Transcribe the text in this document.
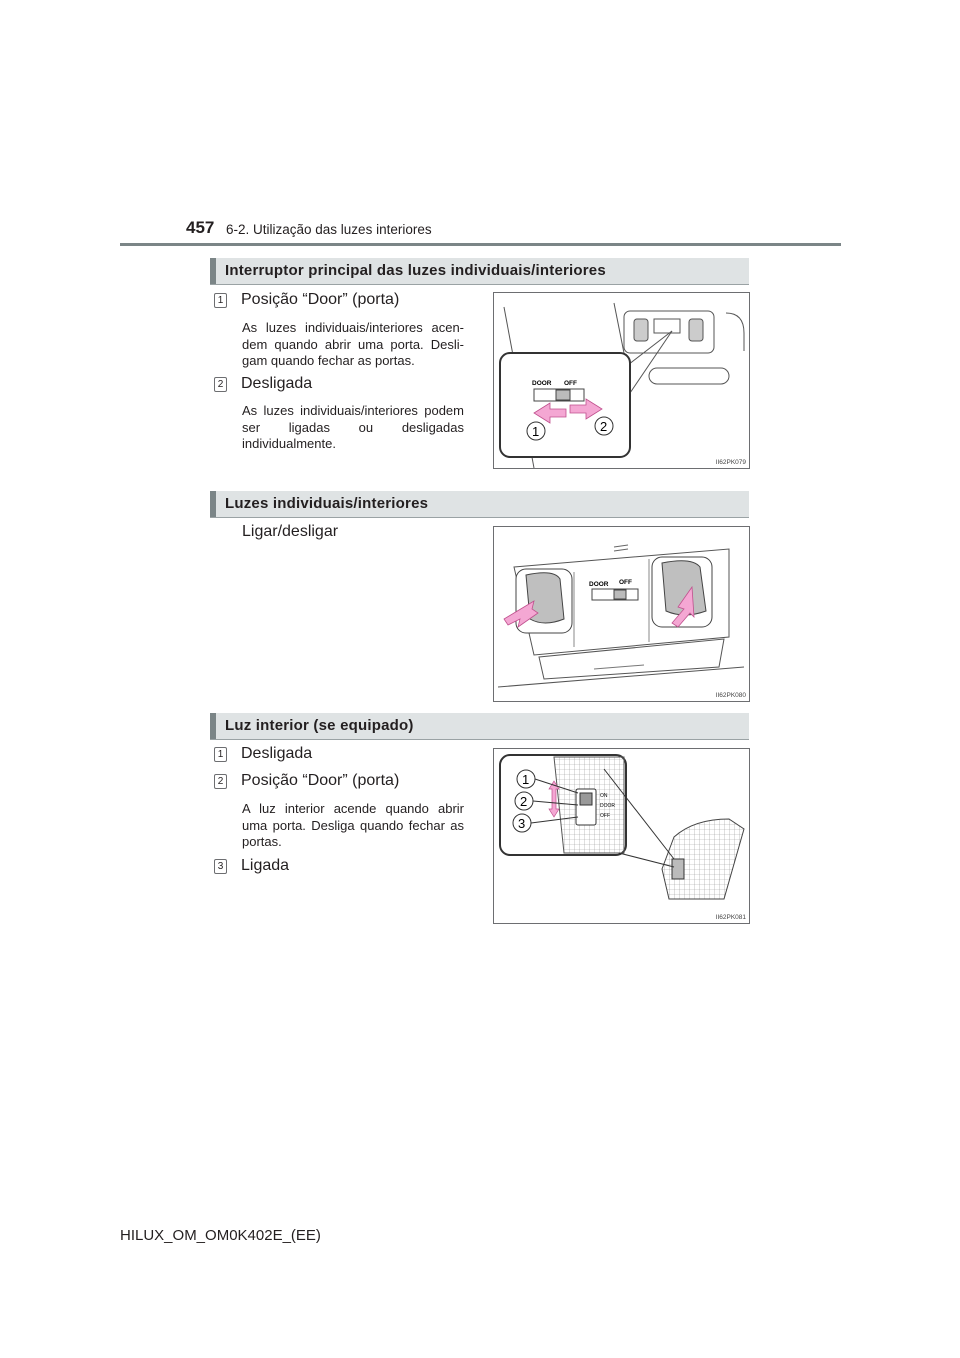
457 6-2. Utilização das luzes interiores
Interruptor principal das luzes individuais/interiores
1 Posição “Door” (porta)
As luzes individuais/interiores acen- dem quando abrir uma porta. Desli- gam quando fechar as portas.
2 Desligada
As luzes individuais/interiores podem ser ligadas ou desligadas individualmente.
DOOR OFF
1	2
II62PK079
Luzes individuais/interiores
Ligar/desligar
DOOR OFF
II62PK080
Luz interior (se equipado)
1 Desligada
2 Posição “Door” (porta)
A luz interior acende quando abrir uma porta. Desliga quando fechar as portas.
3 Ligada
ON
DOOR
OFF
1
2
3
II62PK081
HILUX_OM_OM0K402E_(EE)
